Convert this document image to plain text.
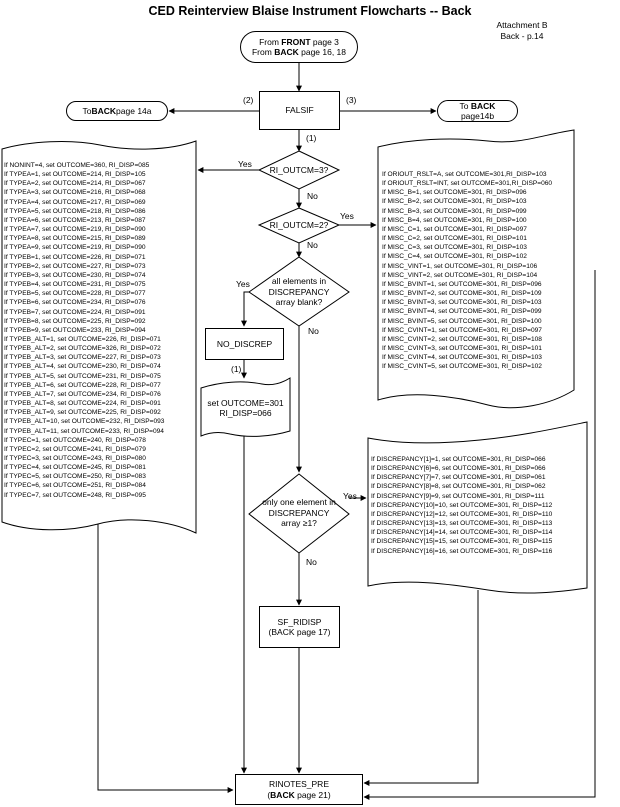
CED Reinterview Blaise Instrument Flowcharts -- Back
Attachment B
Back - p.14
From FRONT page 3
From BACK page 16, 18
To BACK page 14a
To BACK
page14b
FALSIF
RI_OUTCM=3?
RI_OUTCM=2?
all elements in DISCREPANCY array blank?
only one element in DISCREPANCY array ≥1?
NO_DISCREP
set OUTCOME=301 RI_DISP=066
SF_RIDISP
(BACK page 17)
RINOTES_PRE
(BACK page 21)
(2)	(3)
(1)
Yes
No
Yes
No
Yes
No
(1)
Yes
No
If NONINT=4, set OUTCOME=360, RI_DISP=085
If TYPEA=1, set OUTCOME=214, RI_DISP=105
If TYPEA=2, set OUTCOME=214, RI_DISP=067
If TYPEA=3, set OUTCOME=216, RI_DISP=068
If TYPEA=4, set OUTCOME=217, RI_DISP=069
If TYPEA=5, set OUTCOME=218, RI_DISP=086
If TYPEA=6, set OUTCOME=213, RI_DISP=087
If TYPEA=7, set OUTCOME=219, RI_DISP=090
If TYPEA=8, set OUTCOME=215, RI_DISP=089
If TYPEA=9, set OUTCOME=219, RI_DISP=090
If TYPEB=1, set OUTCOME=226, RI_DISP=071
If TYPEB=2, set OUTCOME=227, RI_DISP=073
If TYPEB=3, set OUTCOME=230, RI_DISP=074
If TYPEB=4, set OUTCOME=231, RI_DISP=075
If TYPEB=5, set OUTCOME=228, RI_DISP=077
If TYPEB=6, set OUTCOME=234, RI_DISP=076
If TYPEB=7, set OUTCOME=224, RI_DISP=091
If TYPEB=8, set OUTCOME=225, RI_DISP=092
If TYPEB=9, set OUTCOME=233, RI_DISP=094
If TYPEB_ALT=1, set OUTCOME=226, RI_DISP=071
If TYPEB_ALT=2, set OUTCOME=326, RI_DISP=072
If TYPEB_ALT=3, set OUTCOME=227, RI_DISP=073
If TYPEB_ALT=4, set OUTCOME=230, RI_DISP=074
If TYPEB_ALT=5, set OUTCOME=231, RI_DISP=075
If TYPEB_ALT=6, set OUTCOME=228, RI_DISP=077
If TYPEB_ALT=7, set OUTCOME=234, RI_DISP=076
If TYPEB_ALT=8, set OUTCOME=224, RI_DISP=091
If TYPEB_ALT=9, set OUTCOME=225, RI_DISP=092
If TYPEB_ALT=10, set OUTCOME=232, RI_DISP=093
If TYPEB_ALT=11, set OUTCOME=233, RI_DISP=094
If TYPEC=1, set OUTCOME=240, RI_DISP=078
If TYPEC=2, set OUTCOME=241, RI_DISP=079
If TYPEC=3, set OUTCOME=243, RI_DISP=080
If TYPEC=4, set OUTCOME=245, RI_DISP=081
If TYPEC=5, set OUTCOME=250, RI_DISP=083
If TYPEC=6, set OUTCOME=251, RI_DISP=084
If TYPEC=7, set OUTCOME=248, RI_DISP=095
If ORIOUT_RSLT=A, set OUTCOME=301,RI_DISP=103
If ORIOUT_RSLT=INT, set OUTCOME=301,RI_DISP=060
If MISC_B=1, set OUTCOME=301, RI_DISP=096
If MISC_B=2, set OUTCOME=301, RI_DISP=103
If MISC_B=3, set OUTCOME=301, RI_DISP=099
If MISC_B=4, set OUTCOME=301, RI_DISP=100
If MISC_C=1, set OUTCOME=301, RI_DISP=097
If MISC_C=2, set OUTCOME=301, RI_DISP=101
If MISC_C=3, set OUTCOME=301, RI_DISP=103
If MISC_C=4, set OUTCOME=301, RI_DISP=102
If MISC_VINT=1, set OUTCOME=301, RI_DISP=106
If MISC_VINT=2, set OUTCOME=301, RI_DISP=104
If MISC_BVINT=1, set OUTCOME=301, RI_DISP=096
If MISC_BVINT=2, set OUTCOME=301, RI_DISP=109
If MISC_BVINT=3, set OUTCOME=301, RI_DISP=103
If MISC_BVINT=4, set OUTCOME=301, RI_DISP=099
If MISC_BVINT=5, set OUTCOME=301, RI_DISP=100
If MISC_CVINT=1, set OUTCOME=301, RI_DISP=097
If MISC_CVINT=2, set OUTCOME=301, RI_DISP=108
If MISC_CVINT=3, set OUTCOME=301, RI_DISP=101
If MISC_CVINT=4, set OUTCOME=301, RI_DISP=103
If MISC_CVINT=5, set OUTCOME=301, RI_DISP=102
If DISCREPANCY[1]=1, set OUTCOME=301, RI_DISP=066
If DISCREPANCY[6]=6, set OUTCOME=301, RI_DISP=066
If DISCREPANCY[7]=7, set OUTCOME=301, RI_DISP=061
If DISCREPANCY[8]=8, set OUTCOME=301, RI_DISP=062
If DISCREPANCY[9]=9, set OUTCOME=301, RI_DISP=111
If DISCREPANCY[10]=10, set OUTCOME=301, RI_DISP=112
If DISCREPANCY[12]=12, set OUTCOME=301, RI_DISP=110
If DISCREPANCY[13]=13, set OUTCOME=301, RI_DISP=113
If DISCREPANCY[14]=14, set OUTCOME=301, RI_DISP=114
If DISCREPANCY[15]=15, set OUTCOME=301, RI_DISP=115
If DISCREPANCY[16]=16, set OUTCOME=301, RI_DISP=116
